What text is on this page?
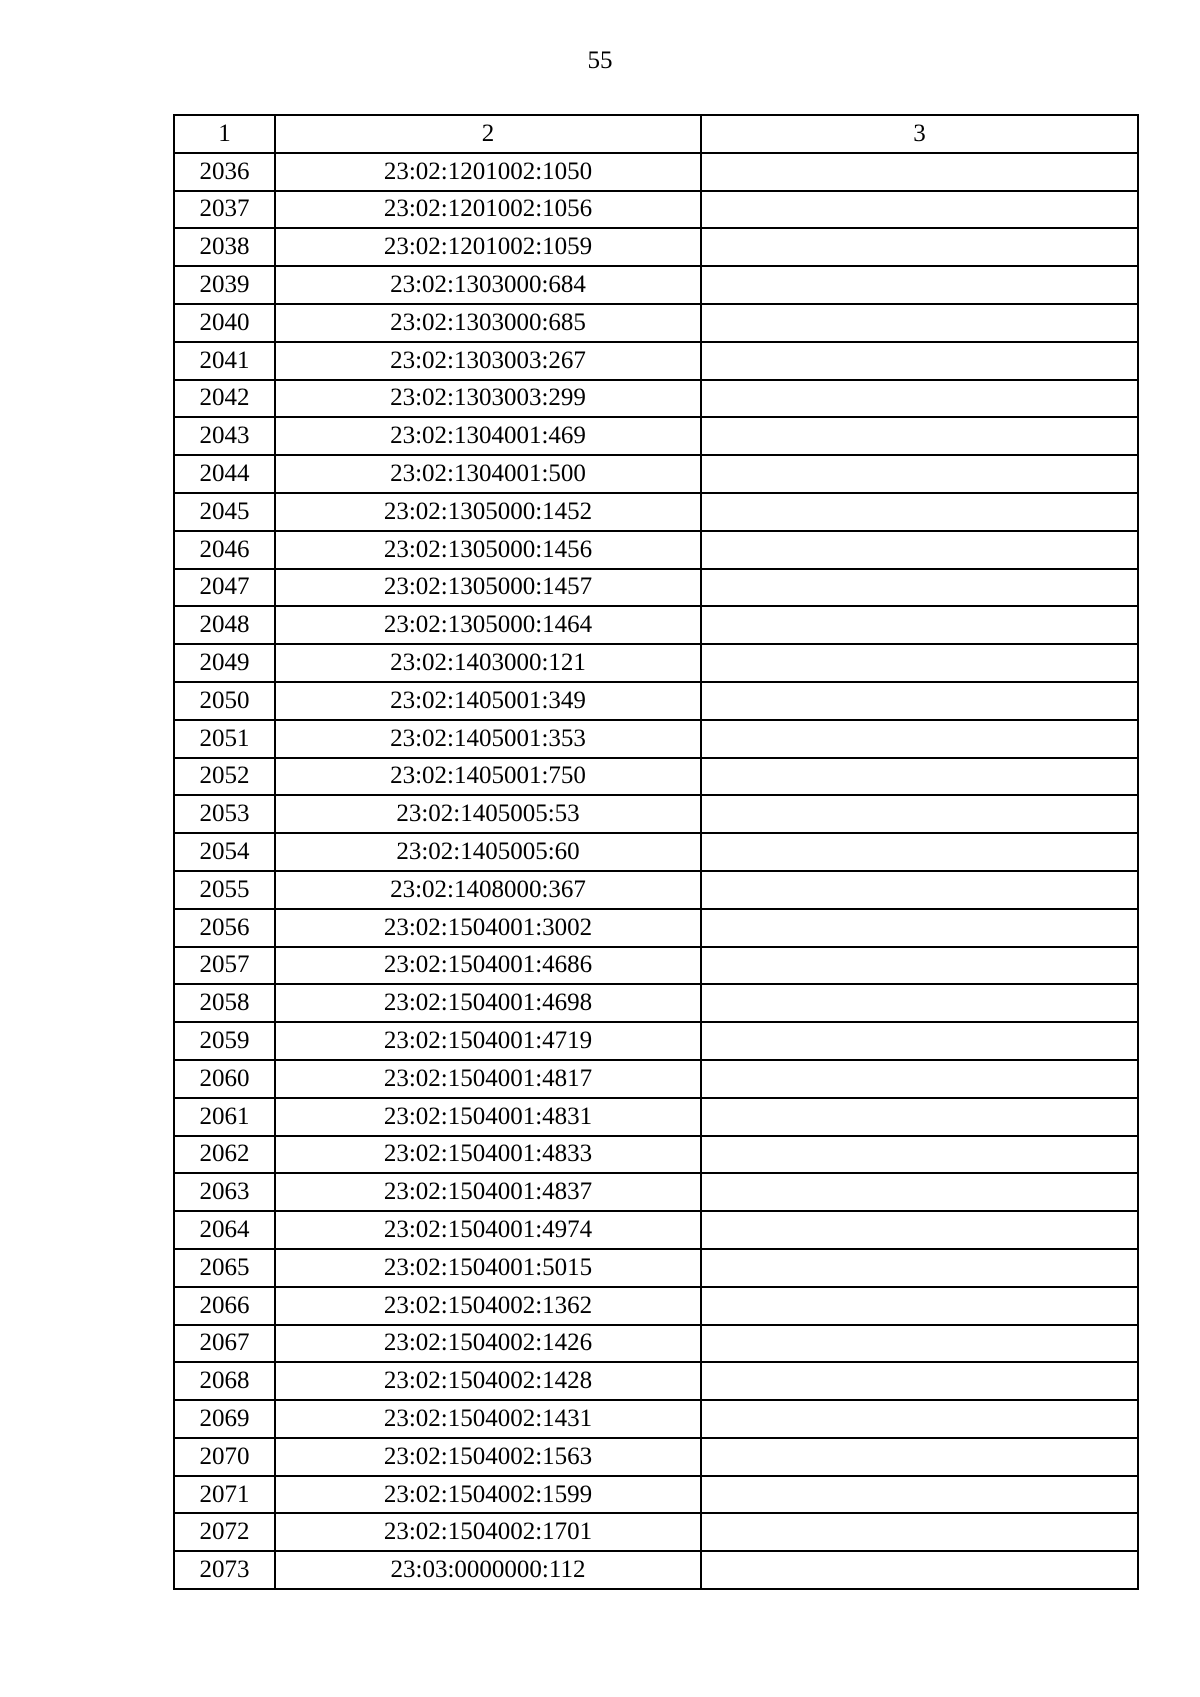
55
1	2	3
2036	23:02:1201002:1050	
2037	23:02:1201002:1056	
2038	23:02:1201002:1059	
2039	23:02:1303000:684	
2040	23:02:1303000:685	
2041	23:02:1303003:267	
2042	23:02:1303003:299	
2043	23:02:1304001:469	
2044	23:02:1304001:500	
2045	23:02:1305000:1452	
2046	23:02:1305000:1456	
2047	23:02:1305000:1457	
2048	23:02:1305000:1464	
2049	23:02:1403000:121	
2050	23:02:1405001:349	
2051	23:02:1405001:353	
2052	23:02:1405001:750	
2053	23:02:1405005:53	
2054	23:02:1405005:60	
2055	23:02:1408000:367	
2056	23:02:1504001:3002	
2057	23:02:1504001:4686	
2058	23:02:1504001:4698	
2059	23:02:1504001:4719	
2060	23:02:1504001:4817	
2061	23:02:1504001:4831	
2062	23:02:1504001:4833	
2063	23:02:1504001:4837	
2064	23:02:1504001:4974	
2065	23:02:1504001:5015	
2066	23:02:1504002:1362	
2067	23:02:1504002:1426	
2068	23:02:1504002:1428	
2069	23:02:1504002:1431	
2070	23:02:1504002:1563	
2071	23:02:1504002:1599	
2072	23:02:1504002:1701	
2073	23:03:0000000:112	
